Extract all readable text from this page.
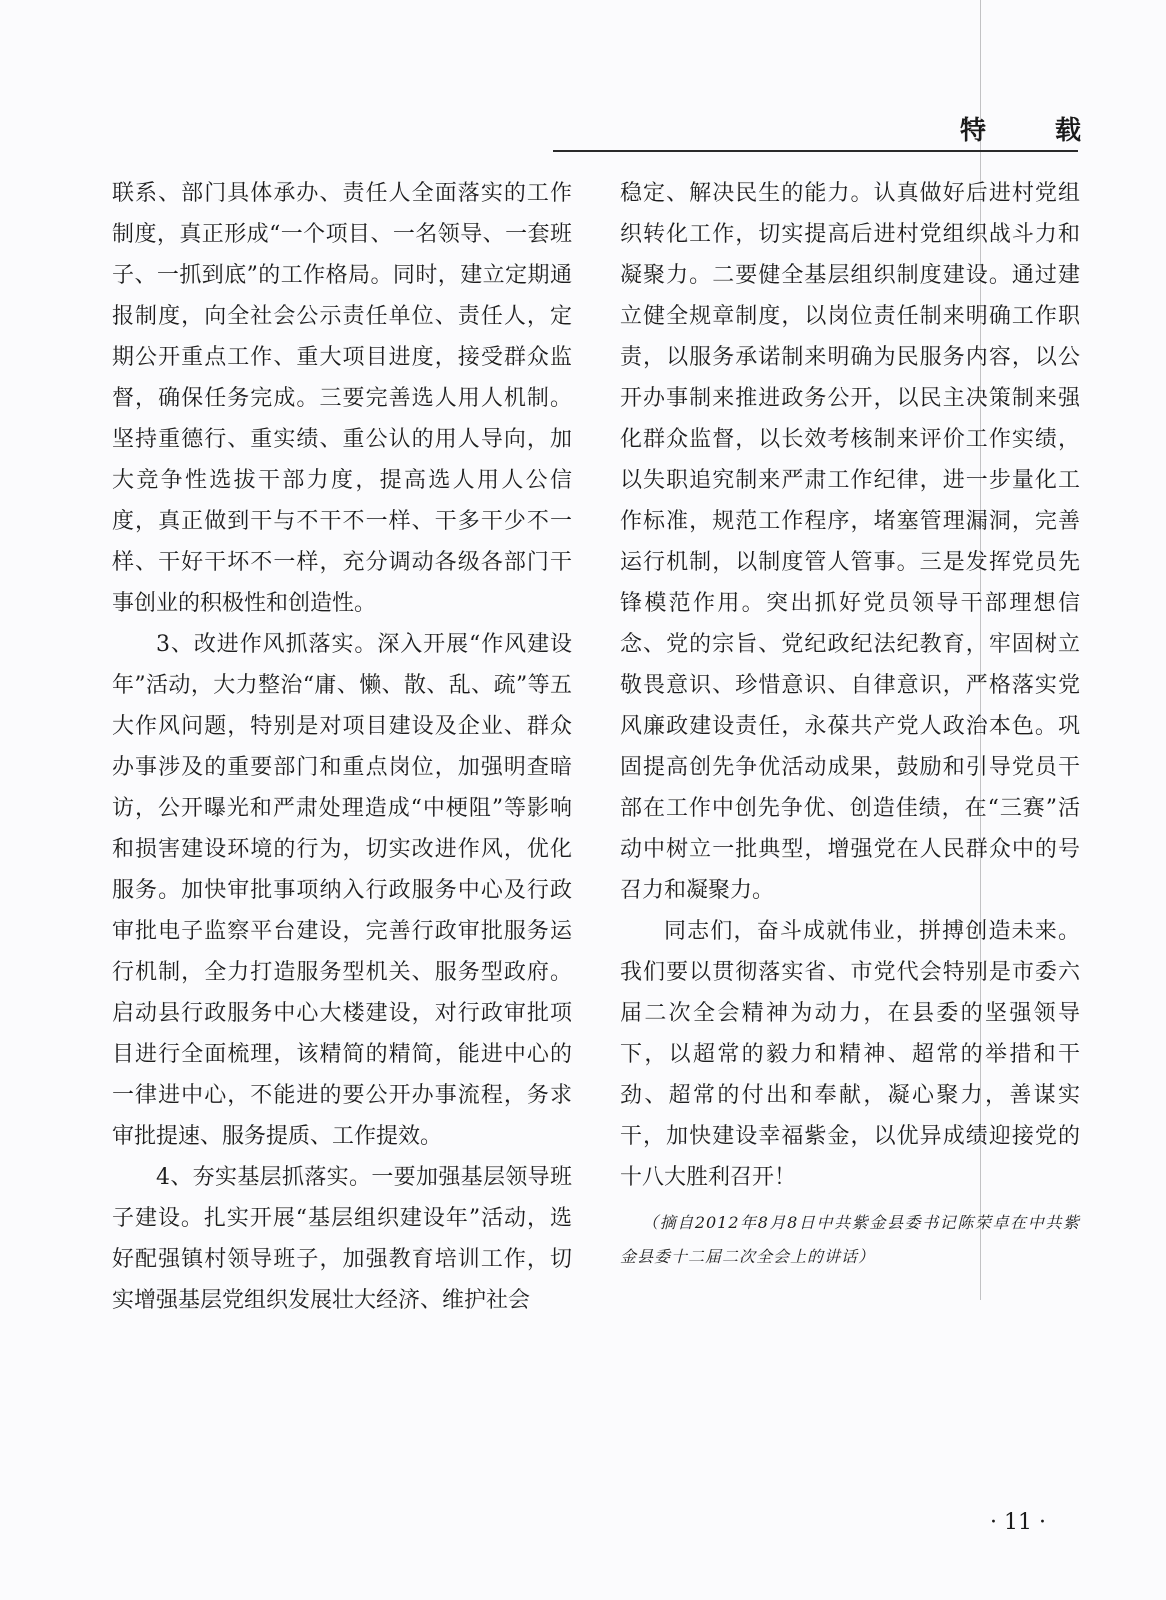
特 载

联系、部门具体承办、责任人全面落实的工作制度，真正形成“一个项目、一名领导、一套班子、一抓到底”的工作格局。同时，建立定期通报制度，向全社会公示责任单位、责任人，定期公开重点工作、重大项目进度，接受群众监督，确保任务完成。三要完善选人用人机制。坚持重德行、重实绩、重公认的用人导向，加大竞争性选拔干部力度，提高选人用人公信度，真正做到干与不干不一样、干多干少不一样、干好干坏不一样，充分调动各级各部门干事创业的积极性和创造性。

3、改进作风抓落实。深入开展“作风建设年”活动，大力整治“庸、懒、散、乱、疏”等五大作风问题，特别是对项目建设及企业、群众办事涉及的重要部门和重点岗位，加强明查暗访，公开曝光和严肃处理造成“中梗阻”等影响和损害建设环境的行为，切实改进作风，优化服务。加快审批事项纳入行政服务中心及行政审批电子监察平台建设，完善行政审批服务运行机制，全力打造服务型机关、服务型政府。启动县行政服务中心大楼建设，对行政审批项目进行全面梳理，该精简的精简，能进中心的一律进中心，不能进的要公开办事流程，务求审批提速、服务提质、工作提效。

4、夯实基层抓落实。一要加强基层领导班子建设。扎实开展“基层组织建设年”活动，选好配强镇村领导班子，加强教育培训工作，切实增强基层党组织发展壮大经济、维护社会

稳定、解决民生的能力。认真做好后进村党组织转化工作，切实提高后进村党组织战斗力和凝聚力。二要健全基层组织制度建设。通过建立健全规章制度，以岗位责任制来明确工作职责，以服务承诺制来明确为民服务内容，以公开办事制来推进政务公开，以民主决策制来强化群众监督，以长效考核制来评价工作实绩，以失职追究制来严肃工作纪律，进一步量化工作标准，规范工作程序，堵塞管理漏洞，完善运行机制，以制度管人管事。三是发挥党员先锋模范作用。突出抓好党员领导干部理想信念、党的宗旨、党纪政纪法纪教育，牢固树立敬畏意识、珍惜意识、自律意识，严格落实党风廉政建设责任，永葆共产党人政治本色。巩固提高创先争优活动成果，鼓励和引导党员干部在工作中创先争优、创造佳绩，在“三赛”活动中树立一批典型，增强党在人民群众中的号召力和凝聚力。

同志们，奋斗成就伟业，拼搏创造未来。我们要以贯彻落实省、市党代会特别是市委六届二次全会精神为动力，在县委的坚强领导下，以超常的毅力和精神、超常的举措和干劲、超常的付出和奉献，凝心聚力，善谋实干，加快建设幸福紫金，以优异成绩迎接党的十八大胜利召开！

（摘自2012年8月8日中共紫金县委书记陈荣卓在中共紫金县委十二届二次全会上的讲话）

· 11 ·
